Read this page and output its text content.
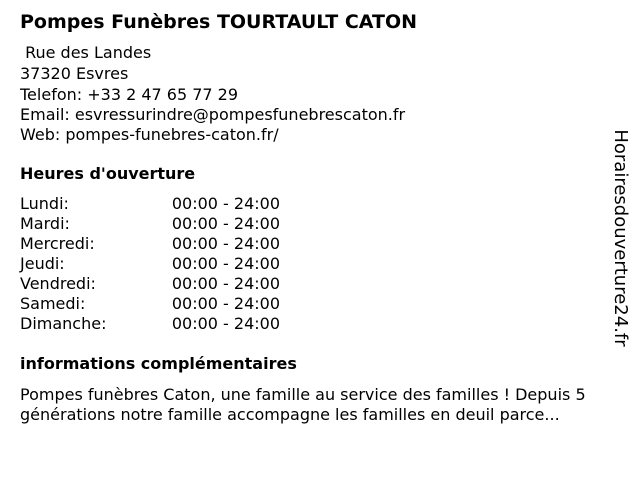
Pompes Funèbres TOURTAULT CATON
Rue des Landes
37320 Esvres
Telefon: +33 2 47 65 77 29
Email: esvressurindre@pompesfunebrescaton.fr
Web: pompes-funebres-caton.fr/
Heures d'ouverture
Lundi:	00:00 - 24:00
Mardi:	00:00 - 24:00
Mercredi:	00:00 - 24:00
Jeudi:	00:00 - 24:00
Vendredi:	00:00 - 24:00
Samedi:	00:00 - 24:00
Dimanche:	00:00 - 24:00
informations complémentaires
Pompes funèbres Caton, une famille au service des familles ! Depuis 5 générations notre famille accompagne les familles en deuil parce...
Horairesdouverture24.fr
